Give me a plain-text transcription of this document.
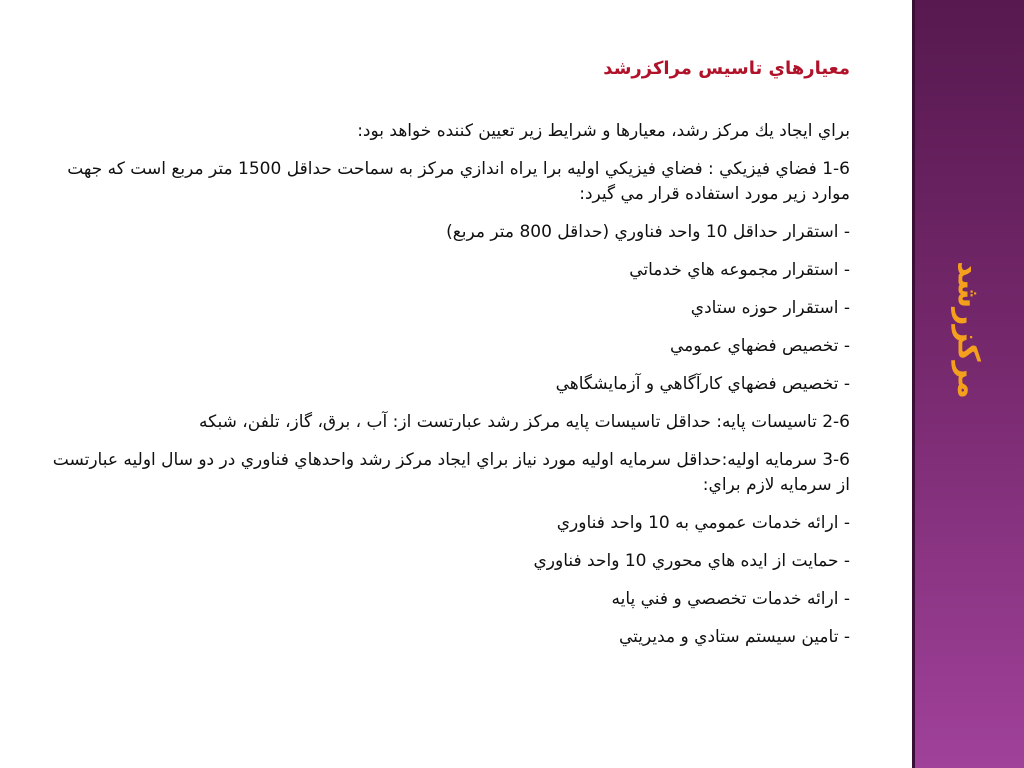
معيارهاي تاسيس مراكزرشد
براي ايجاد يك مركز رشد، معيارها و شرايط زير تعيين كننده خواهد بود:
1-6 فضاي فيزيكي : فضاي فيزيكي اوليه برا يراه اندازي مركز به سماحت حداقل 1500 متر مربع است كه جهت موارد زير مورد استفاده قرار مي گيرد:
- استقرار حداقل 10 واحد فناوري (حداقل 800 متر مربع)
- استقرار مجموعه هاي خدماتي
- استقرار حوزه ستادي
- تخصيص فضهاي عمومي
- تخصيص فضهاي كارآگاهي و آزمايشگاهي
2-6 تاسيسات پايه: حداقل تاسيسات پايه مركز رشد عبارتست از: آب ، برق، گاز، تلفن، شبكه
3-6 سرمايه اوليه:حداقل سرمايه اوليه مورد نياز براي ايجاد مركز رشد واحدهاي فناوري در دو سال اوليه عبارتست از سرمايه لازم براي:
- ارائه خدمات عمومي به 10 واحد فناوري
- حمايت از ايده هاي محوري 10 واحد فناوري
- ارائه خدمات تخصصي و فني پايه
- تامين سيستم ستادي و مديريتي
مرکزرشد
